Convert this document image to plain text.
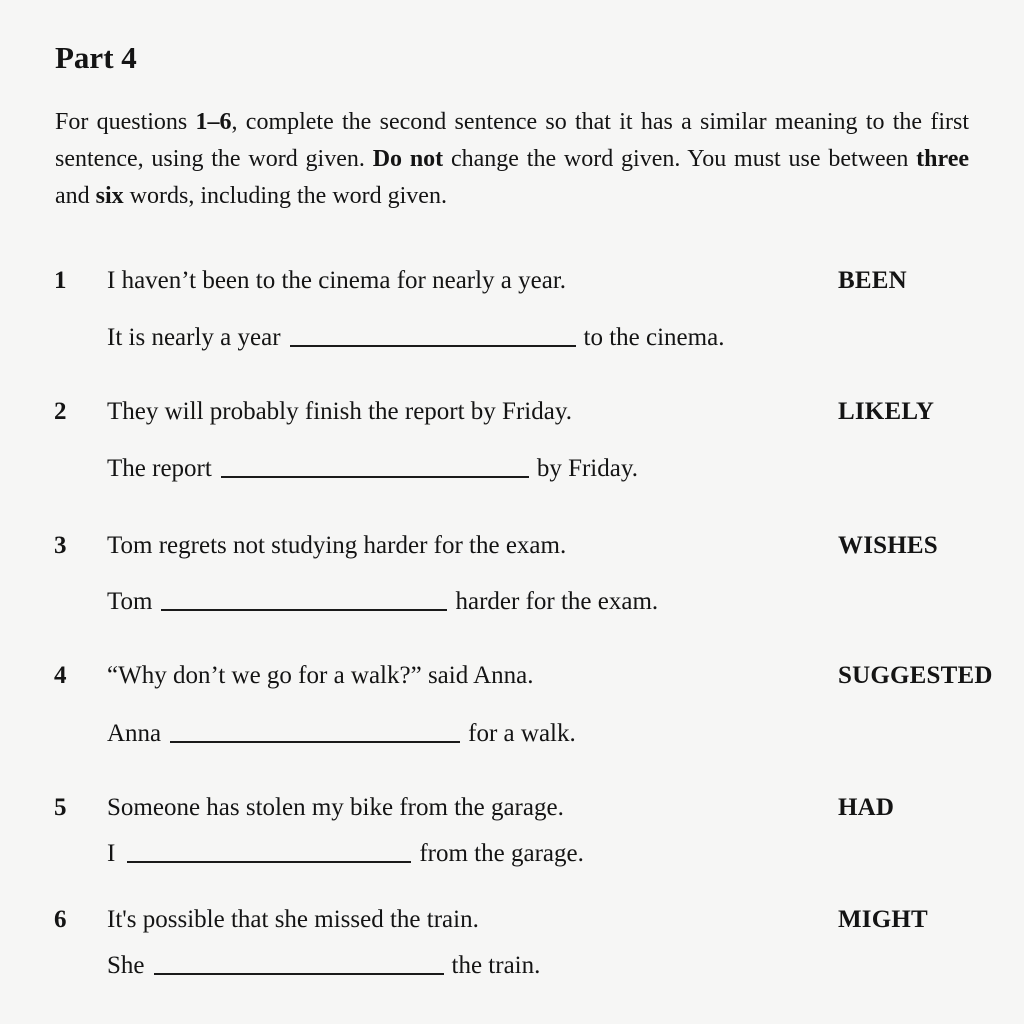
Part 4

For questions 1–6, complete the second sentence so that it has a similar meaning to the first sentence, using the word given. Do not change the word given. You must use between three and six words, including the word given.

1 I haven’t been to the cinema for nearly a year.	BEEN
It is nearly a year	to the cinema.
2 They will probably finish the report by Friday.	LIKELY
The report	by Friday.
3 Tom regrets not studying harder for the exam.	WISHES
Tom	harder for the exam.
4 “Why don’t we go for a walk?” said Anna.	SUGGESTED
Anna	for a walk.
5 Someone has stolen my bike from the garage.	HAD
I	from the garage.
6 It's possible that she missed the train.	MIGHT
She	the train.
